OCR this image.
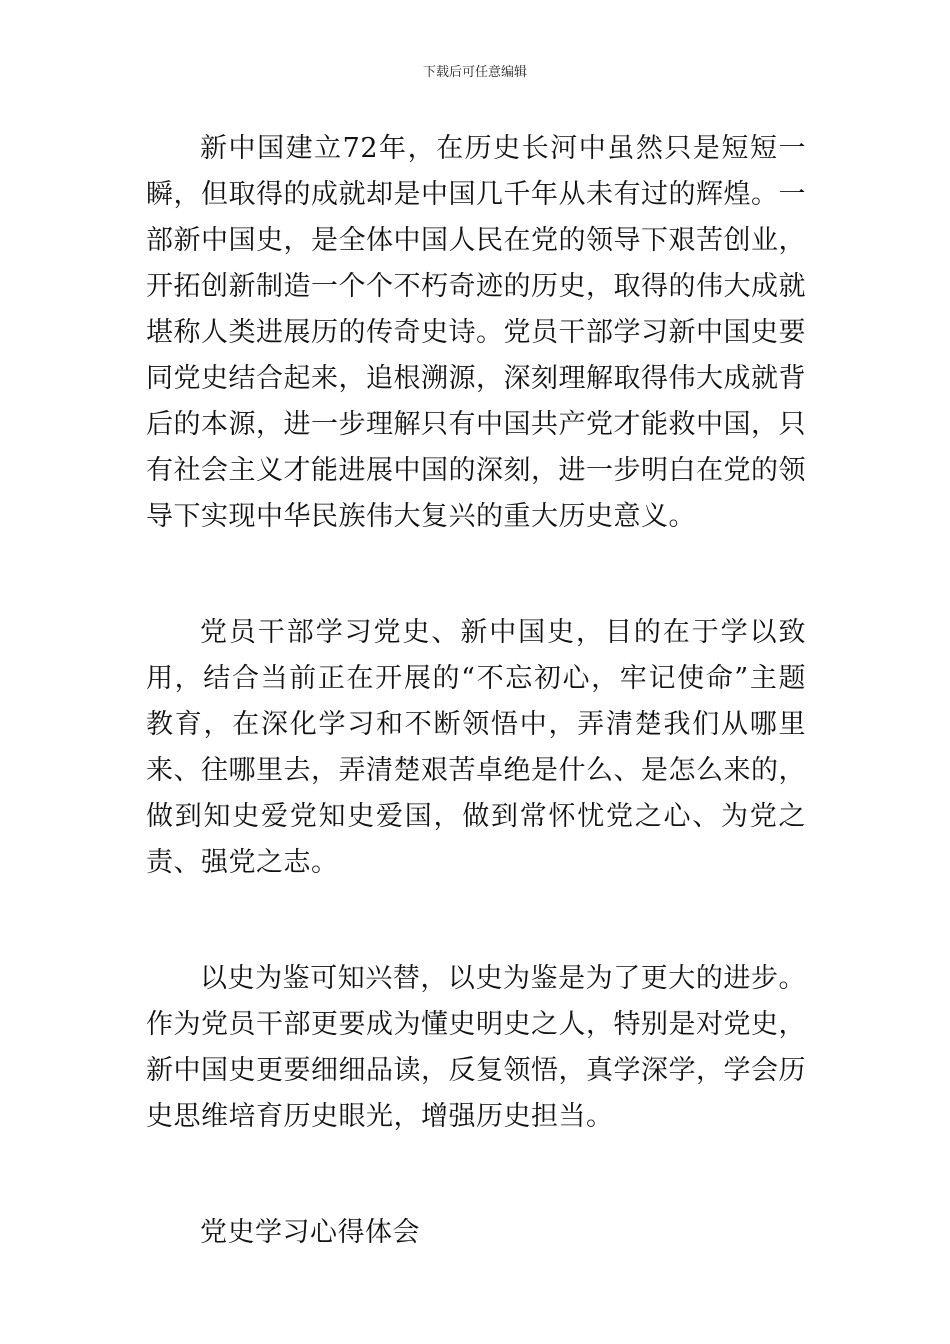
下载后可任意编辑

新中国建立72年，在历史长河中虽然只是短短一瞬，但取得的成就却是中国几千年从未有过的辉煌。一部新中国史，是全体中国人民在党的领导下艰苦创业，开拓创新制造一个个不朽奇迹的历史，取得的伟大成就堪称人类进展历的传奇史诗。党员干部学习新中国史要同党史结合起来，追根溯源，深刻理解取得伟大成就背后的本源，进一步理解只有中国共产党才能救中国，只有社会主义才能进展中国的深刻，进一步明白在党的领导下实现中华民族伟大复兴的重大历史意义。

党员干部学习党史、新中国史，目的在于学以致用，结合当前正在开展的“不忘初心，牢记使命”主题教育，在深化学习和不断领悟中，弄清楚我们从哪里来、往哪里去，弄清楚艰苦卓绝是什么、是怎么来的，做到知史爱党知史爱国，做到常怀忧党之心、为党之责、强党之志。

以史为鉴可知兴替，以史为鉴是为了更大的进步。作为党员干部更要成为懂史明史之人，特别是对党史，新中国史更要细细品读，反复领悟，真学深学，学会历史思维培育历史眼光，增强历史担当。

党史学习心得体会
